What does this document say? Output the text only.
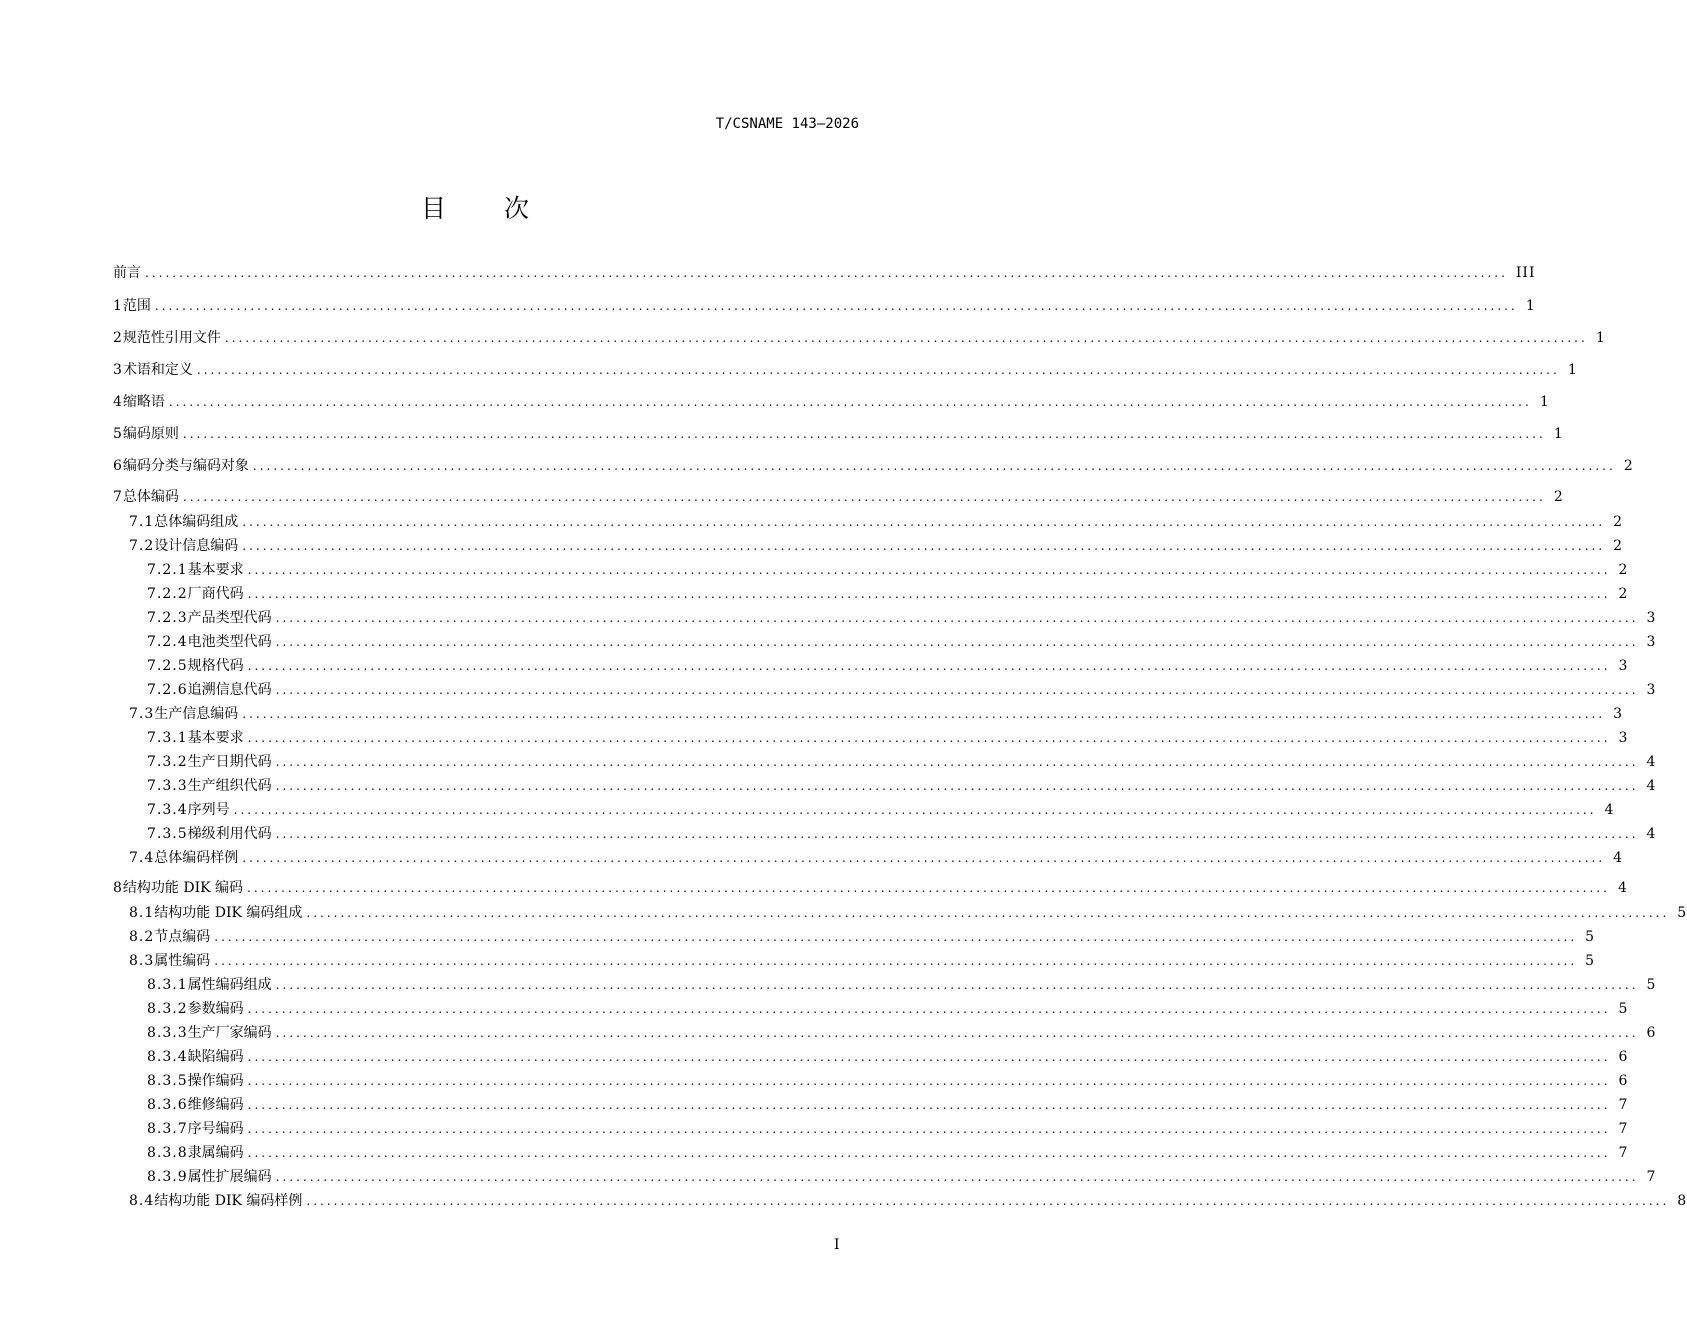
T/CSNAME 143—2026
目次
前言 ........................................................................................................................................................................................................ III
1 范围 ........................................................................................................................................................................................................ 1
2 规范性引用文件 ........................................................................................................................................................................................................ 1
3 术语和定义 ........................................................................................................................................................................................................ 1
4 缩略语 ........................................................................................................................................................................................................ 1
5 编码原则 ........................................................................................................................................................................................................ 1
6 编码分类与编码对象 ........................................................................................................................................................................................................ 2
7 总体编码 ........................................................................................................................................................................................................ 2
7.1 总体编码组成 ........................................................................................................................................................................................................ 2
7.2 设计信息编码 ........................................................................................................................................................................................................ 2
7.2.1 基本要求 ........................................................................................................................................................................................................ 2
7.2.2 厂商代码 ........................................................................................................................................................................................................ 2
7.2.3 产品类型代码 ........................................................................................................................................................................................................ 3
7.2.4 电池类型代码 ........................................................................................................................................................................................................ 3
7.2.5 规格代码 ........................................................................................................................................................................................................ 3
7.2.6 追溯信息代码 ........................................................................................................................................................................................................ 3
7.3 生产信息编码 ........................................................................................................................................................................................................ 3
7.3.1 基本要求 ........................................................................................................................................................................................................ 3
7.3.2 生产日期代码 ........................................................................................................................................................................................................ 4
7.3.3 生产组织代码 ........................................................................................................................................................................................................ 4
7.3.4 序列号 ........................................................................................................................................................................................................ 4
7.3.5 梯级利用代码 ........................................................................................................................................................................................................ 4
7.4 总体编码样例 ........................................................................................................................................................................................................ 4
8 结构功能 DIK 编码 ........................................................................................................................................................................................................ 4
8.1 结构功能 DIK 编码组成 ........................................................................................................................................................................................................ 5
8.2 节点编码 ........................................................................................................................................................................................................ 5
8.3 属性编码 ........................................................................................................................................................................................................ 5
8.3.1 属性编码组成 ........................................................................................................................................................................................................ 5
8.3.2 参数编码 ........................................................................................................................................................................................................ 5
8.3.3 生产厂家编码 ........................................................................................................................................................................................................ 6
8.3.4 缺陷编码 ........................................................................................................................................................................................................ 6
8.3.5 操作编码 ........................................................................................................................................................................................................ 6
8.3.6 维修编码 ........................................................................................................................................................................................................ 7
8.3.7 序号编码 ........................................................................................................................................................................................................ 7
8.3.8 隶属编码 ........................................................................................................................................................................................................ 7
8.3.9 属性扩展编码 ........................................................................................................................................................................................................ 7
8.4 结构功能 DIK 编码样例 ........................................................................................................................................................................................................ 8
I
